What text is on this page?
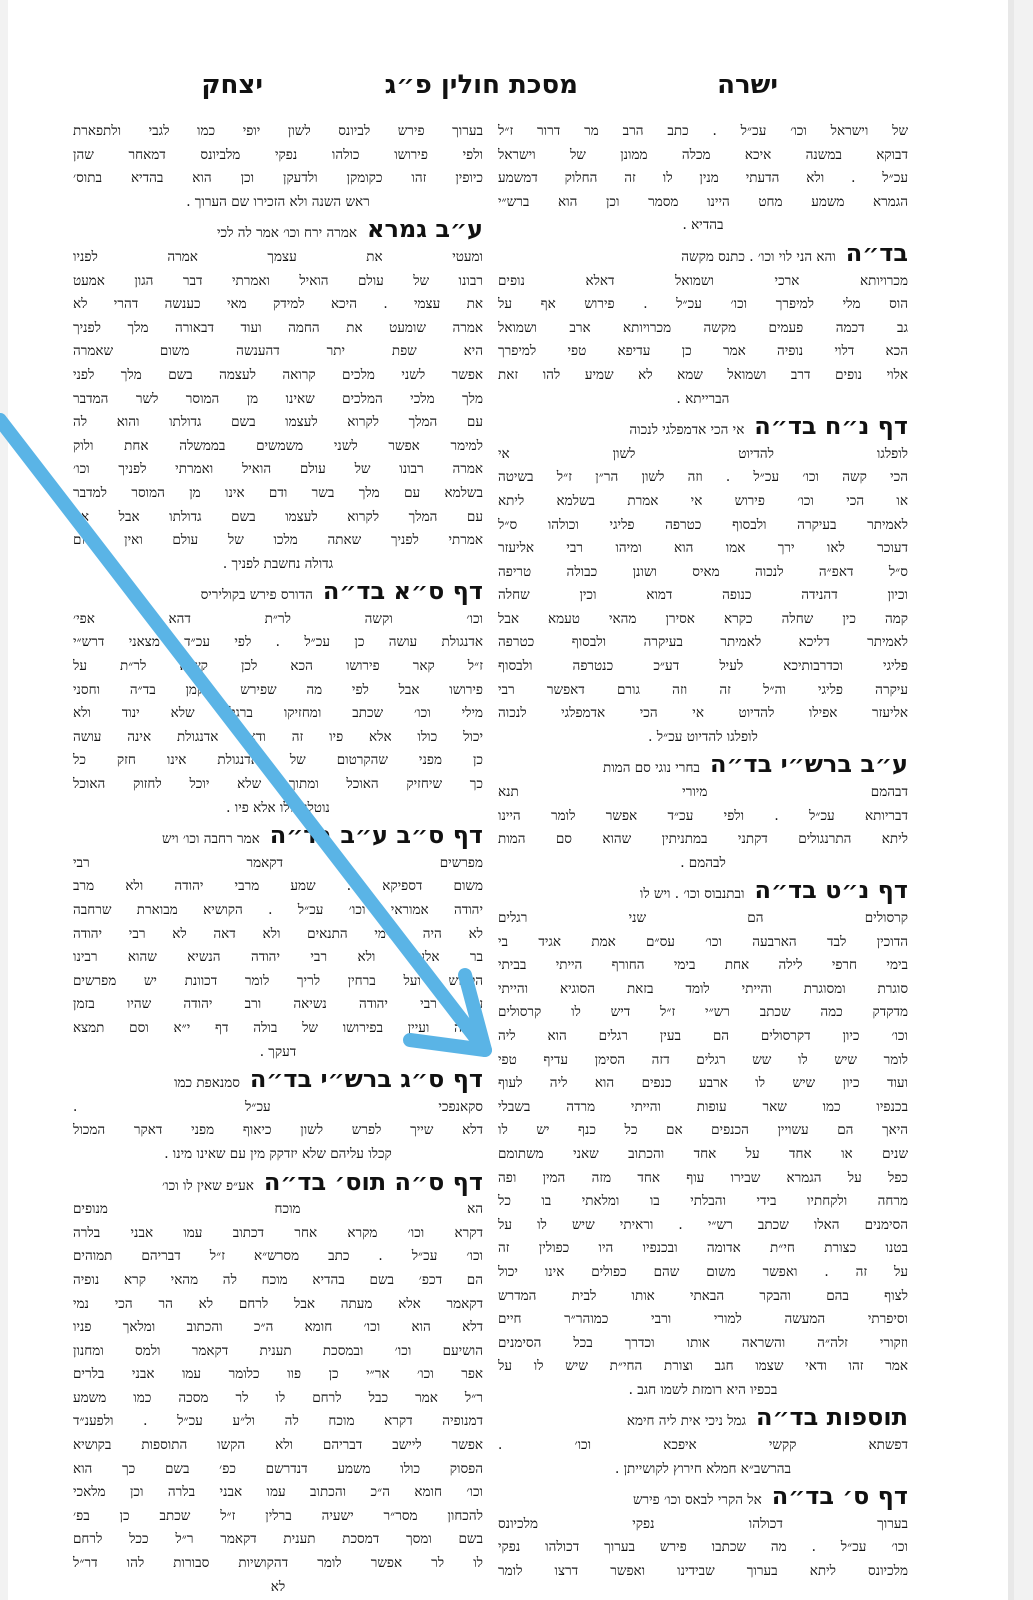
ישרה
מסכת חולין פ״ג
יצחק
של וישראל וכו׳ עכ״ל . כתב הרב מר דרור ז״ל
דבוקא במשנה איכא מכלה ממונן של וישראל
עכ״ל . ולא הדעתי מנין לו זה החלוק דמשמע
הגמרא משמע מחט היינו מסמר וכן הוא ברש״י
בהדיא .
בד״ה
והא הני לוי וכו׳ . כתנס מקשה
מכרויותא ארכי ושמואל דאלא נופים
הוס מלי למיפרך וכו׳ עכ״ל . פירוש אף על
גב דכמה פעמים מקשה מכרויותא ארב ושמואל
הכא דלוי נופיה אמר כן עדיפא טפי למיפרך
אלוי נופים דרב ושמואל שמא לא שמיע להו זאת
הברייתא .
דף נ״ח בד״ה
אי הכי אדמפלגי לנכוה
לופלגו להדיוט לשון אי
הכי קשה וכו׳ עכ״ל . וזה לשון הר״ן ז״ל בשיטה
או הכי וכו׳ פירוש אי אמרת בשלמא ליתא
לאמיתר בעיקרה ולבסוף כטרפה פליגי וכולהו ס״ל
דעוכר לאו ירך אמו הוא ומיהו רבי אליעזר
ס״ל דאפ״ה לנכוה מאיס ושונן כבולה טריפה
וכיון דהנידה כנופה דמוא וכין שחלה
קמה כין שחלה כקרא אסירן מהאי טעמא אבל
לאמיתר דליכא לאמיתר בעיקרה ולבסוף כטרפה
פליגי וכדרבותיכא לעיל דע״כ כנטרפה ולבסוף
עיקרה פליגי וה״ל זה וזה גורם דאפשר רבי
אליעזר אפילו להדיוט אי הכי אדמפלגי לנכוה
לופלגו להדיוט עכ״ל .
ע״ב ברש״י בד״ה
בחרי נוגי סם המות
דבהמם מיורי תנא
דבריותא עכ״ל . ולפי עכ״ד אפשר לומר היינו
ליתא התרנגולים דקתני במתניתין שהוא סם המות
לבהמם .
דף נ״ט בד״ה
ובתנבוס וכו׳ . ויש לו
קרסולים הם שני רגלים
הדוכין לבד הארבעה וכו׳ עס״ם אמת אגיד בי
בימי חרפי לילה אחת בימי החורף הייתי בביתי
סוגרת ומסוגרת והייתי לומד בזאת הסוגיא והייתי
מדקדק כמה שכתב רש״י ז״ל דיש לו קרסולים
וכו׳ כיון דקרסולים הם בעין רגלים הוא ליה
לומר שיש לו שש רגלים דזה הסימן עדיף טפי
ועוד כיון שיש לו ארבע כנפים הוא ליה לעוף
בכנפיו כמו שאר עופות והייתי מרדה בשבלי
היאך הם עשויין הכנפים אם כל כנף יש לו
שנים או אחד על אחד והכתוב שאני משתומם
כפל על הגמרא שבירו עוף אחד מזה המין ופה
מרחה ולקחתיו בידי והבלתי בו ומלאתי בו כל
הסימנים האלו שכתב רש״י . וראיתי שיש לו על
בטנו כצורת חי״ת אדומה ובכנפיו היו כפולין זה
על זה . ואפשר משום שהם כפולים אינו יכול
לצוף בהם והבקר הבאתי אותו לבית המדרש
וסיפרתי המעשה למורי ורבי כמוהר״ר חיים
וזקורי זלה״ה והשראה אותו וכדרך בכל הסימנים
אמר זהו ודאי שצמו חגב וצורת החי״ת שיש לו על
בכפיו היא רומזת לשמו חגב .
תוספות בד״ה
גמל ניכי אית ליה חימא
דפשתא קקשי איפכא וכו׳ .
בהרשב״א חמלא חירוץ לקושייתן .
דף ס׳ בד״ה
אל הקרי לבאס וכו׳ פירש
בערוך דכולהו נפקי מלכיונס
וכו׳ עכ״ל . מה שכתבו פירש בערוך דכולהו נפקי
מלכיונס ליתא בערוך שבידינו ואפשר דרצו לומר
בערוך פירש לביונס לשון יופי כמו לגבי ולתפארת
ולפי פירושו כולהו נפקי מלביונס דמאחר שהן
כיופין זהו כקומקן ולדעקן וכן הוא בהדיא בתוס׳
ראש השנה ולא הזכירו שם הערוך .
ע״ב גמרא
אמרה ירח וכו׳ אמר לה לכי
ומעטי את עצמך אמרה לפניו
רבונו של עולם הואיל ואמרתי דבר הגון אמעט
את עצמי . היכא למידק מאי כענשה דהרי לא
אמרה שומעט את החמה ועוד דבאורה מלך לפניך
היא שפת יתר דהענשה משום שאמרה
אפשר לשני מלכים קרואה לעצמה בשם מלך לפני
מלך מלכי המלכים שאינו מן המוסר לשר המדבר
עם המלך לקרוא לעצמו בשם גדולתו והוא לה
למימר אפשר לשני משמשים בממשלה אחת ולוק
אמרה רבונו של עולם הואיל ואמרתי לפניך וכו׳
בשלמא עם מלך בשר ודם אינו מן המוסר למדבר
עם המלך לקרוא לעצמו בשם גדולתו אבל אני
אמרתי לפניך שאתה מלכו של עולם ואין שום
גדולה נחשבת לפניך .
דף ס״א בד״ה
הדורס פירש בקוליריס
וכו׳ וקשה לר״ת דהא אפי׳
אדנגולת עושה כן עכ״ל . לפי עכ״ד מצאני דרש״י
ז״ל קאר פירושו הכא לכן קשיא לר״ת על
פירושו אבל לפי מה שפירש לקמן בד״ה וחסני
מילי וכו׳ שכתב ומחזיקו ברגלו שלא ינוד ולא
יכול כולו אלא פיו זה ודאי אדנגולת אינה עושה
כן מפני שהקרטום של אדנגולת אינו חזק כל
כך שיחזיק האוכל ומתוך שלא יוכל לחזוק האוכל
נוטלו כולו אלא פיו .
דף ס״ב ע״ב בד״ה
אמר רחבה וכו׳ ויש
מפרשים דקאמר רבי
משום דספיקא . שמע מרבי יהודה ולא מרב
יהודה אמוראי וכו׳ עכ״ל . הקושיא מבוארת שרחבה
לא היה בימי התנאים ולא דאה לא רבי יהודה
בר אלעאי ולא רבי יהודה הנשיא שהוא רבינו
הקדוש ועל ברחין לריך לומר דכוונת יש מפרשים
על רבי יהודה נשיאה ורב יהודה שהיו בזמן
רחבה ועיין בפירושו של בולה דף י״א וסם תמצא
דעקך .
דף ס״ג ברש״י בד״ה
סמנאפת כמו
סקאנפכי עכ״ל .
דלא שייך לפרש לשון כיאוף מפני דאקר המכול
קכלו עליהם שלא יזדקק מין עם שאינו מינו .
דף ס״ה תוס׳ בד״ה
אע״פ שאין לו וכו׳
הא מוכח מנופים
דקרא וכו׳ מקרא אחר דכתוב עמו אבני בלרה
וכו׳ עכ״ל . כתב מסרש״א ז״ל דבריהם תמוהים
הם דכפ׳ בשם בהדיא מוכח לה מהאי קרא נופיה
דקאמר אלא מעתה אבל לרחם לא הר הכי נמי
דלא הוא וכו׳ חומא ה״כ והכתוב ומלאך פניו
הושיעם וכו׳ ובמסכת תענית דקאמר ולמס ומחנון
אפר וכו׳ אר״י כן פוו כלומר עמו אבני בלרים
ר״ל אמר כבל לרחם לו לר מסכה כמו משמע
דמנופיה דקרא מוכח לה ול״ע עכ״ל . ולפענ״ד
אפשר ליישב דבריהם ולא הקשו התוספות בקושיא
הפסוק כולו משמע דנדרשם כפ׳ בשם כך הוא
וכו׳ חומא ה״כ והכתוב עמו אבני בלרה וכן מלאכי
להכחון מסר״ר ישעיה ברלין ז״ל שכתב כן בפ׳
בשם ומסך דמסכת תענית דקאמר ר״ל ככל לרחם
לו לר אפשר לומר דהקושיות סבורות להו דר״ל
לא
